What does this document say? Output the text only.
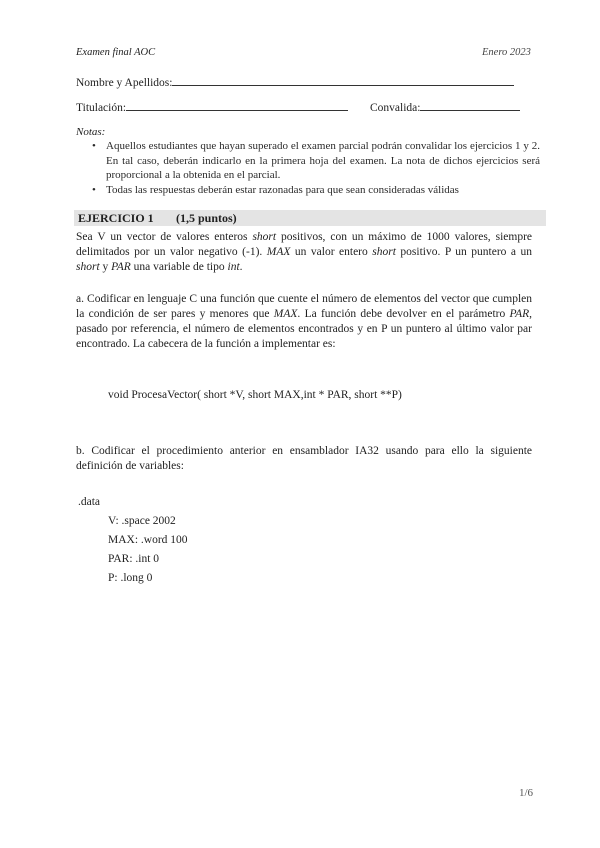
Examen final AOC	Enero 2023
Nombre y Apellidos:
Titulación:	Convalida:
Notas:
• Aquellos estudiantes que hayan superado el examen parcial podrán convalidar los ejercicios 1 y 2. En tal caso, deberán indicarlo en la primera hoja del examen. La nota de dichos ejercicios será proporcional a la obtenida en el parcial.
• Todas las respuestas deberán estar razonadas para que sean consideradas válidas
EJERCICIO 1 (1,5 puntos)
Sea V un vector de valores enteros short positivos, con un máximo de 1000 valores, siempre delimitados por un valor negativo (-1). MAX un valor entero short positivo. P un puntero a un short y PAR una variable de tipo int.
a. Codificar en lenguaje C una función que cuente el número de elementos del vector que cumplen la condición de ser pares y menores que MAX. La función debe devolver en el parámetro PAR, pasado por referencia, el número de elementos encontrados y en P un puntero al último valor par encontrado. La cabecera de la función a implementar es:
void ProcesaVector( short *V, short MAX,int * PAR, short **P)
b. Codificar el procedimiento anterior en ensamblador IA32 usando para ello la siguiente definición de variables:
.data
V: .space 2002
MAX: .word 100
PAR: .int 0
P: .long 0
1/6
